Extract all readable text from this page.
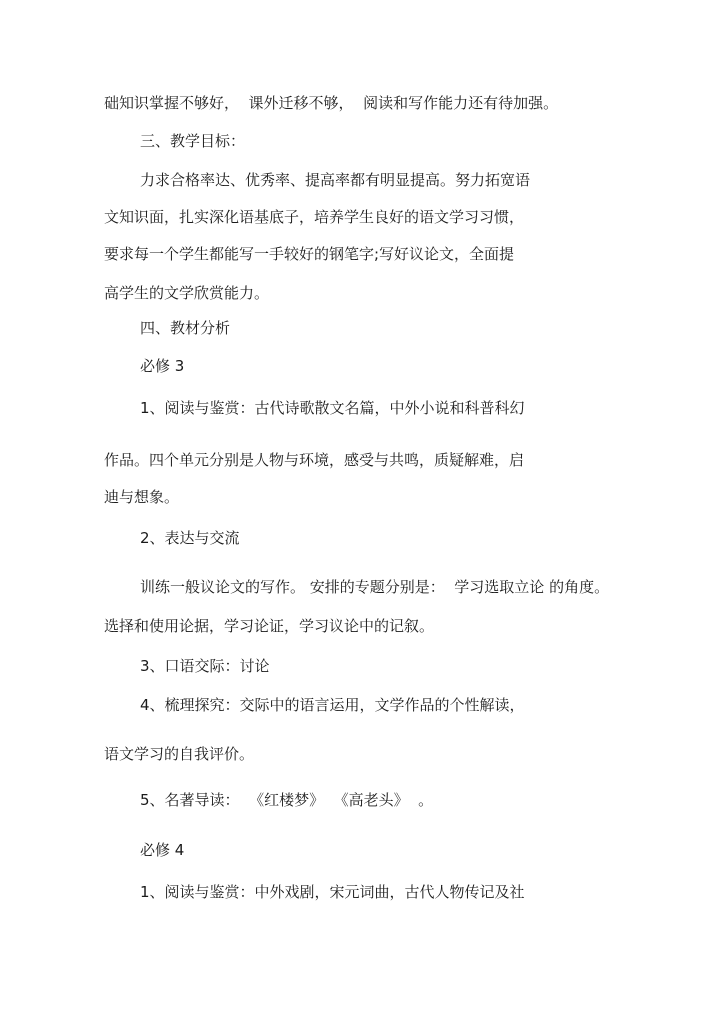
础知识掌握不够好，  课外迁移不够，  阅读和写作能力还有待加强。
三、教学目标：
力求合格率达、优秀率、提高率都有明显提高。努力拓宽语
文知识面，扎实深化语基底子，培养学生良好的语文学习习惯，
要求每一个学生都能写一手较好的钢笔字;写好议论文，全面提
高学生的文学欣赏能力。
四、教材分析
必修 3
1、阅读与鉴赏：古代诗歌散文名篇，中外小说和科普科幻
作品。四个单元分别是人物与环境，感受与共鸣，质疑解难，启
迪与想象。
2、表达与交流
训练一般议论文的写作。 安排的专题分别是：  学习选取立论 的角度。
选择和使用论据，学习论证，学习议论中的记叙。
3、口语交际：讨论
4、梳理探究：交际中的语言运用，文学作品的个性解读，
语文学习的自我评价。
5、名著导读：  《红楼梦》  《高老头》  。
必修 4
1、阅读与鉴赏：中外戏剧，宋元词曲，古代人物传记及社
